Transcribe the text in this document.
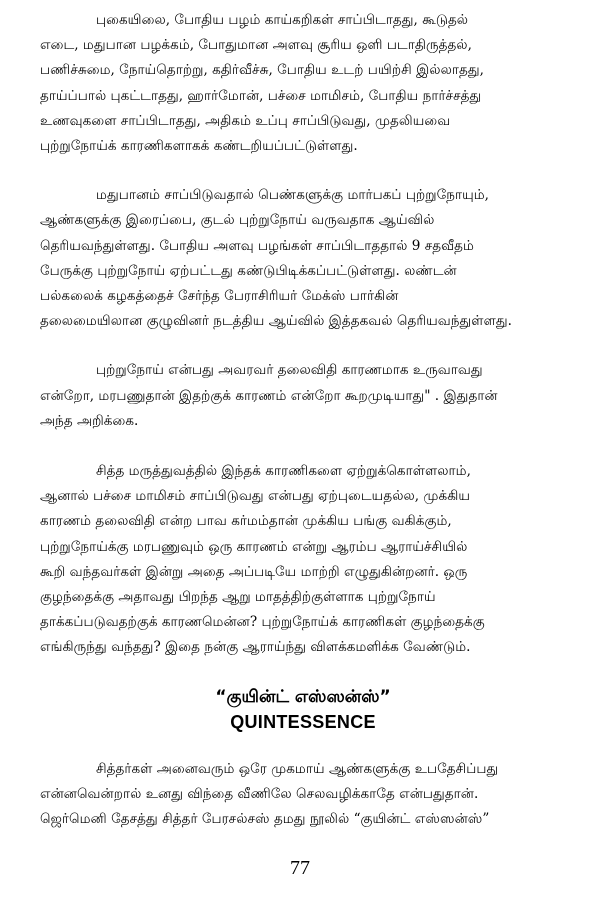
புகையிலை, போதிய பழம் காய்கறிகள் சாப்பிடாதது, கூடுதல்
எடை, மதுபான பழக்கம், போதுமான அளவு சூரிய ஒளி படாதிருத்தல்,
பணிச்சுமை, நோய்தொற்று, கதிர்வீச்சு, போதிய உடற் பயிற்சி இல்லாதது,
தாய்ப்பால் புகட்டாதது, ஹார்மோன், பச்சை மாமிசம், போதிய நார்ச்சத்து
உணவுகளை சாப்பிடாதது, அதிகம் உப்பு சாப்பிடுவது, முதலியவை
புற்றுநோய்க் காரணிகளாகக் கண்டறியப்பட்டுள்ளது.

மதுபானம் சாப்பிடுவதால் பெண்களுக்கு மார்பகப் புற்றுநோயும்,
ஆண்களுக்கு இரைப்பை, குடல் புற்றுநோய் வருவதாக ஆய்வில்
தெரியவந்துள்ளது. போதிய அளவு பழங்கள் சாப்பிடாததால் 9 சதவீதம்
பேருக்கு புற்றுநோய் ஏற்பட்டது கண்டுபிடிக்கப்பட்டுள்ளது. லண்டன்
பல்கலைக் கழகத்தைச் சேர்ந்த பேராசிரியர் மேக்ஸ் பார்கின்
தலைமையிலான குழுவினர் நடத்திய ஆய்வில் இத்தகவல் தெரியவந்துள்ளது.

புற்றுநோய் என்பது அவரவர் தலைவிதி காரணமாக உருவாவது
என்றோ, மரபணுதான் இதற்குக் காரணம் என்றோ கூறமுடியாது" . இதுதான்
அந்த அறிக்கை.

சித்த மருத்துவத்தில் இந்தக் காரணிகளை ஏற்றுக்கொள்ளலாம்,
ஆனால் பச்சை மாமிசம் சாப்பிடுவது என்பது ஏற்புடையதல்ல, முக்கிய
காரணம் தலைவிதி என்ற பாவ கர்மம்தான் முக்கிய பங்கு வகிக்கும்,
புற்றுநோய்க்கு மரபணுவும் ஒரு காரணம் என்று ஆரம்ப ஆராய்ச்சியில்
கூறி வந்தவர்கள் இன்று அதை அப்படியே மாற்றி எழுதுகின்றனர். ஒரு
குழந்தைக்கு அதாவது பிறந்த ஆறு மாதத்திற்குள்ளாக புற்றுநோய்
தாக்கப்படுவதற்குக் காரணமென்ன? புற்றுநோய்க் காரணிகள் குழந்தைக்கு
எங்கிருந்து வந்தது? இதை நன்கு ஆராய்ந்து விளக்கமளிக்க வேண்டும்.

“குயின்ட் எஸ்ஸன்ஸ்”
QUINTESSENCE

சித்தர்கள் அனைவரும் ஒரே முகமாய் ஆண்களுக்கு உபதேசிப்பது
என்னவென்றால் உனது விந்தை வீணிலே செலவழிக்காதே என்பதுதான்.
ஜெர்மெனி தேசத்து சித்தர் பேரசல்சஸ் தமது நூலில் “குயின்ட் எஸ்ஸன்ஸ்”

77
